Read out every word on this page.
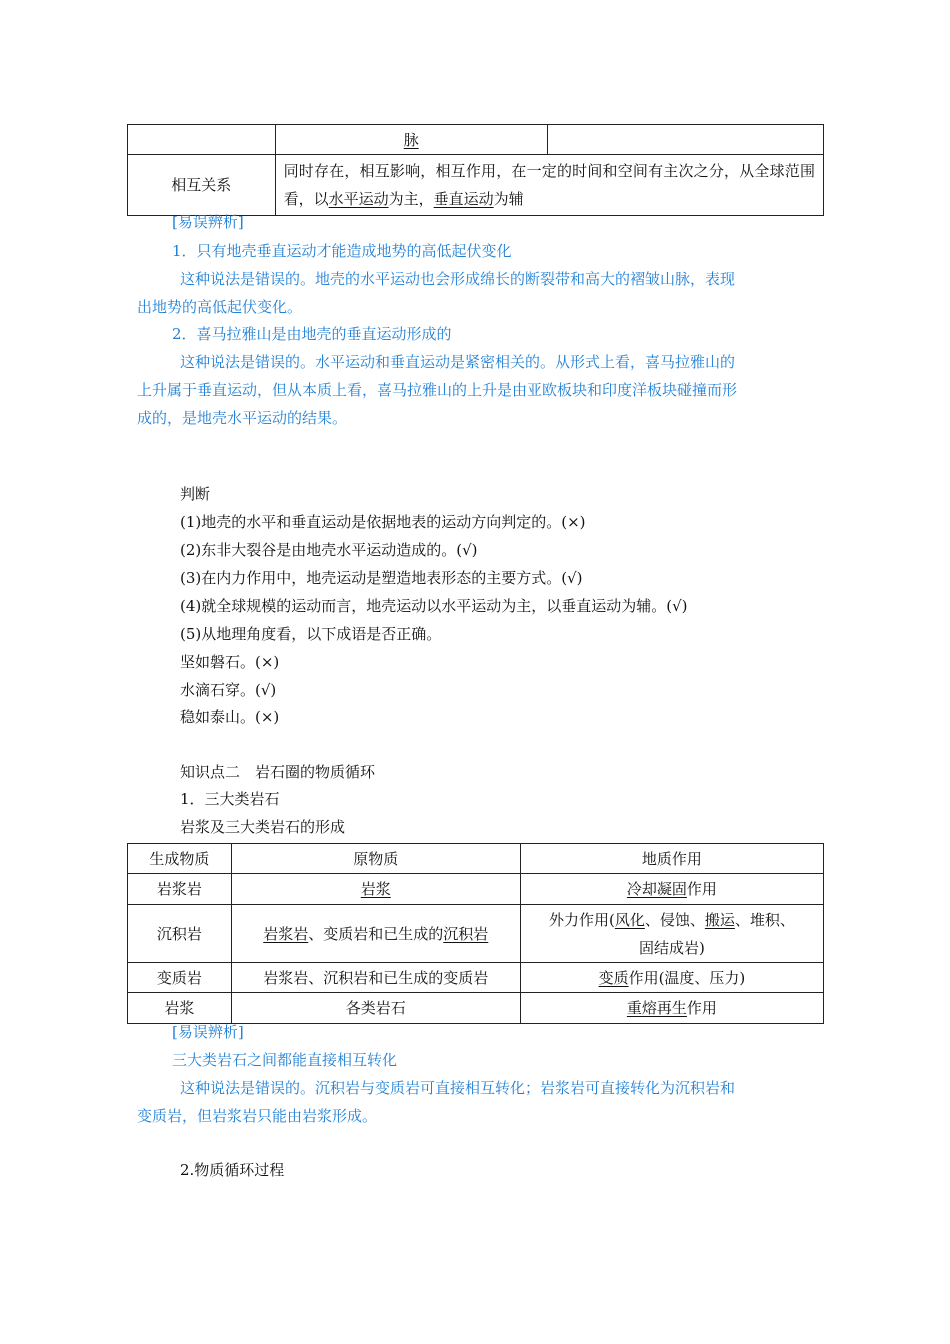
	脉	
相互关系	同时存在，相互影响，相互作用，在一定的时间和空间有主次之分，从全球范围看，以水平运动为主，垂直运动为辅	
[易误辨析]
1．只有地壳垂直运动才能造成地势的高低起伏变化
这种说法是错误的。地壳的水平运动也会形成绵长的断裂带和高大的褶皱山脉，表现
出地势的高低起伏变化。
2．喜马拉雅山是由地壳的垂直运动形成的
这种说法是错误的。水平运动和垂直运动是紧密相关的。从形式上看，喜马拉雅山的
上升属于垂直运动，但从本质上看，喜马拉雅山的上升是由亚欧板块和印度洋板块碰撞而形
成的，是地壳水平运动的结果。
判断
(1)地壳的水平和垂直运动是依据地表的运动方向判定的。(×)
(2)东非大裂谷是由地壳水平运动造成的。(√)
(3)在内力作用中，地壳运动是塑造地表形态的主要方式。(√)
(4)就全球规模的运动而言，地壳运动以水平运动为主，以垂直运动为辅。(√)
(5)从地理角度看，以下成语是否正确。
坚如磐石。(×)
水滴石穿。(√)
稳如泰山。(×)
知识点二　岩石圈的物质循环
1．三大类岩石
岩浆及三大类岩石的形成
生成物质	原物质	地质作用
岩浆岩	岩浆	冷却凝固作用
沉积岩	岩浆岩、变质岩和已生成的沉积岩	外力作用(风化、侵蚀、搬运、堆积、
固结成岩)
变质岩	岩浆岩、沉积岩和已生成的变质岩	变质作用(温度、压力)
岩浆	各类岩石	重熔再生作用
[易误辨析]
三大类岩石之间都能直接相互转化
这种说法是错误的。沉积岩与变质岩可直接相互转化；岩浆岩可直接转化为沉积岩和
变质岩，但岩浆岩只能由岩浆形成。
2.物质循环过程
